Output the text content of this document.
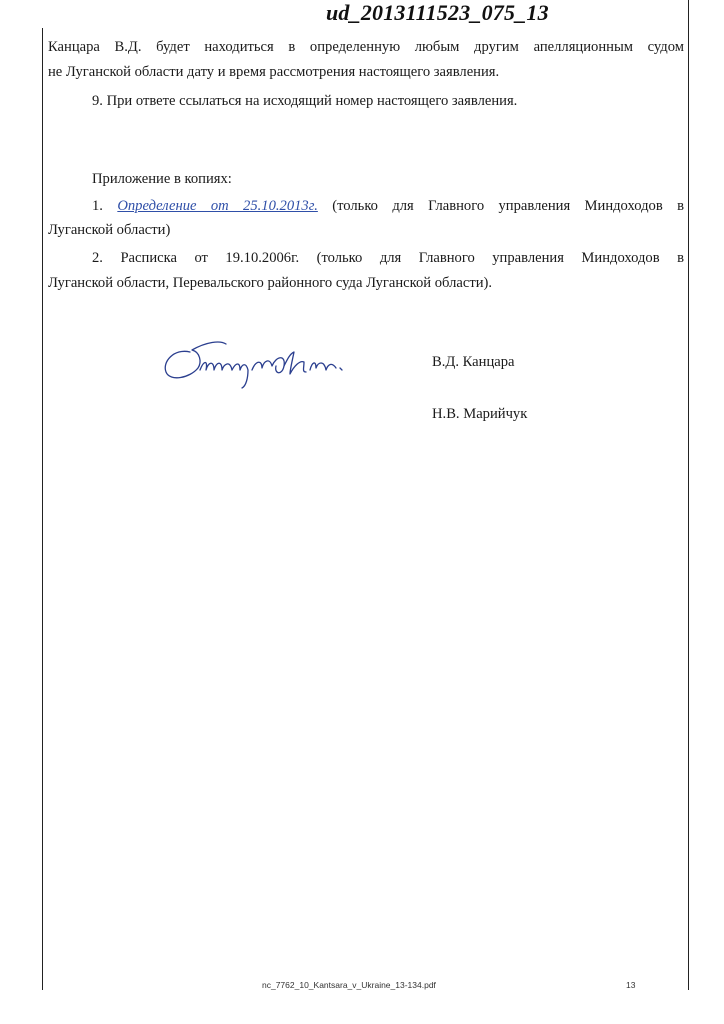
ud_2013111523_075_13
Канцара В.Д. будет находиться в определенную любым другим апелляционным судом
не Луганской области дату и время рассмотрения настоящего заявления.
9. При ответе ссылаться на исходящий номер настоящего заявления.
Приложение в копиях:
1. Определение от 25.10.2013г. (только для Главного управления Миндоходов в
Луганской области)
2. Расписка от 19.10.2006г. (только для Главного управления Миндоходов в
Луганской области, Перевальского районного суда Луганской области).
В.Д. Канцара
Н.В. Марийчук
nc_7762_10_Kantsara_v_Ukraine_13-134.pdf	13
